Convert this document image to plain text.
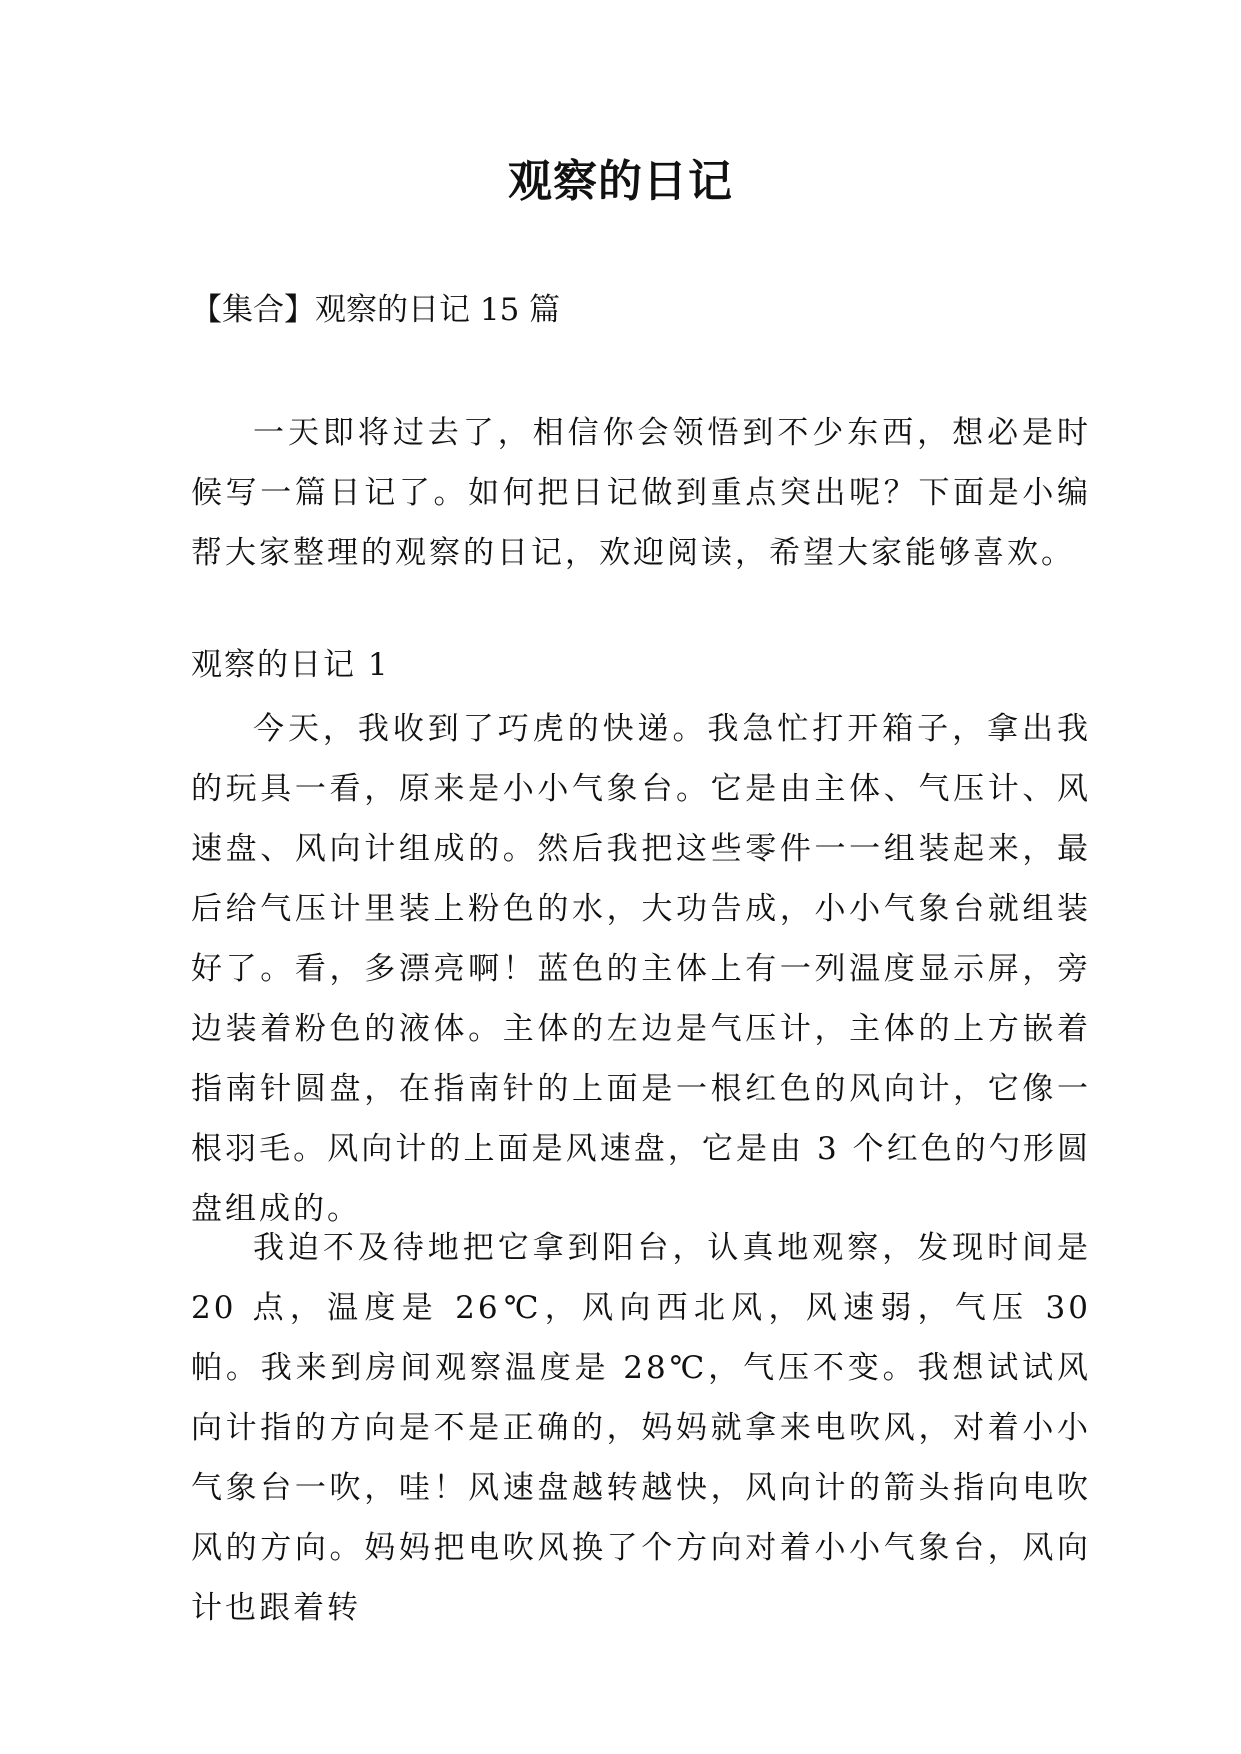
观察的日记
【集合】观察的日记 15 篇

一天即将过去了，相信你会领悟到不少东西，想必是时候写一篇日记了。如何把日记做到重点突出呢？下面是小编帮大家整理的观察的日记，欢迎阅读，希望大家能够喜欢。

观察的日记 1

今天，我收到了巧虎的快递。我急忙打开箱子，拿出我的玩具一看，原来是小小气象台。它是由主体、气压计、风速盘、风向计组成的。然后我把这些零件一一组装起来，最后给气压计里装上粉色的水，大功告成，小小气象台就组装好了。看，多漂亮啊！蓝色的主体上有一列温度显示屏，旁边装着粉色的液体。主体的左边是气压计，主体的上方嵌着指南针圆盘，在指南针的上面是一根红色的风向计，它像一根羽毛。风向计的上面是风速盘，它是由 3 个红色的勺形圆盘组成的。

我迫不及待地把它拿到阳台，认真地观察，发现时间是20 点，温度是 26℃，风向西北风，风速弱，气压 30 帕。我来到房间观察温度是 28℃，气压不变。我想试试风向计指的方向是不是正确的，妈妈就拿来电吹风，对着小小气象台一吹，哇！风速盘越转越快，风向计的箭头指向电吹风的方向。妈妈把电吹风换了个方向对着小小气象台，风向计也跟着转
